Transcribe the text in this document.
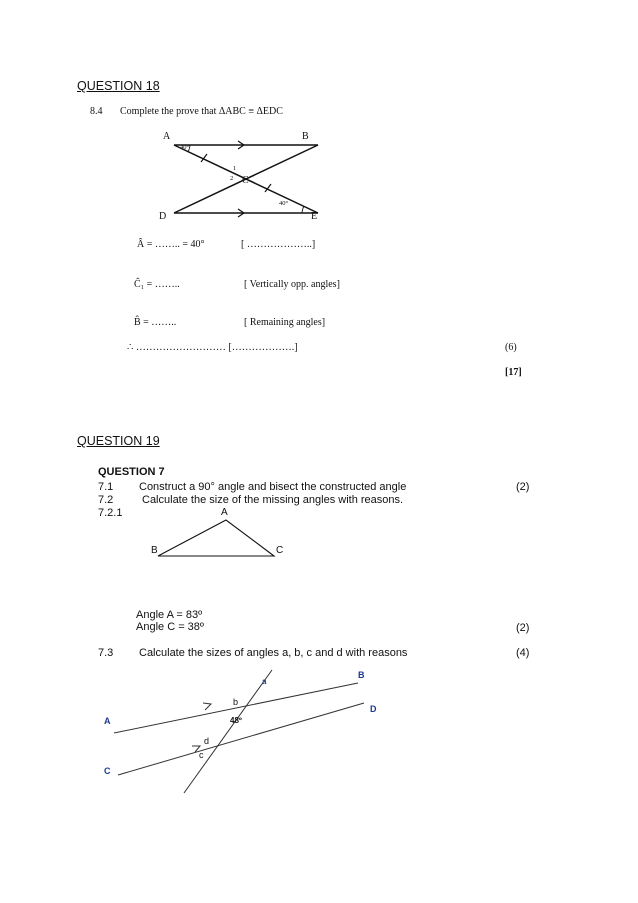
QUESTION 18
8.4 Complete the prove that ΔABC ≡ ΔEDC
A	B
C
D	E
40°
40°
1
2
Â = …….. = 40°	[ ………………..]
Ĉ₁ = ……..	[ Vertically opp. angles]
B̂ = ……..	[ Remaining angles]
∴ ……………………… [……………….]	(6)
[17]
QUESTION 19
QUESTION 7
7.1 Construct a 90° angle and bisect the constructed angle	(2)
7.2	Calculate the size of the missing angles with reasons.
7.2.1	A
B	C
Angle A = 83º
Angle C = 38º	(2)
7.3 Calculate the sizes of angles a, b, c and d with reasons	(4)
B
D
A
C
a
b
48º
d
c
